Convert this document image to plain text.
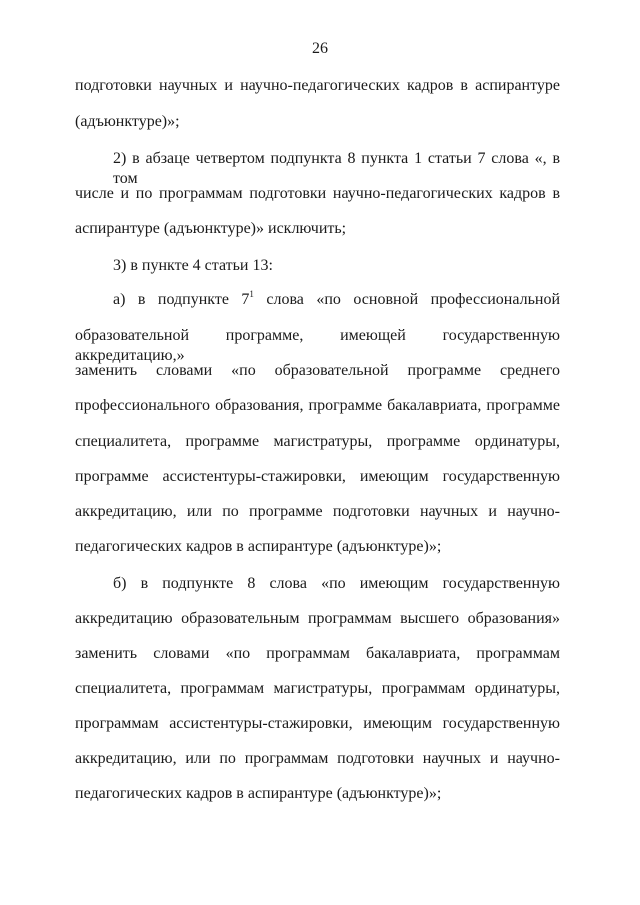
26
подготовки научных и научно-педагогических кадров в аспирантуре
(адъюнктуре)»;
2) в абзаце четвертом подпункта 8 пункта 1 статьи 7 слова «, в том
числе и по программам подготовки научно-педагогических кадров в
аспирантуре (адъюнктуре)» исключить;
3) в пункте 4 статьи 13:
а) в подпункте $7^1$ слова «по основной профессиональной
образовательной программе, имеющей государственную аккредитацию,»
заменить словами «по образовательной программе среднего
профессионального образования, программе бакалавриата, программе
специалитета, программе магистратуры, программе ординатуры,
программе ассистентуры-стажировки, имеющим государственную
аккредитацию, или по программе подготовки научных и научно-
педагогических кадров в аспирантуре (адъюнктуре)»;
б) в подпункте 8 слова «по имеющим государственную
аккредитацию образовательным программам высшего образования»
заменить словами «по программам бакалавриата, программам
специалитета, программам магистратуры, программам ординатуры,
программам ассистентуры-стажировки, имеющим государственную
аккредитацию, или по программам подготовки научных и научно-
педагогических кадров в аспирантуре (адъюнктуре)»;
